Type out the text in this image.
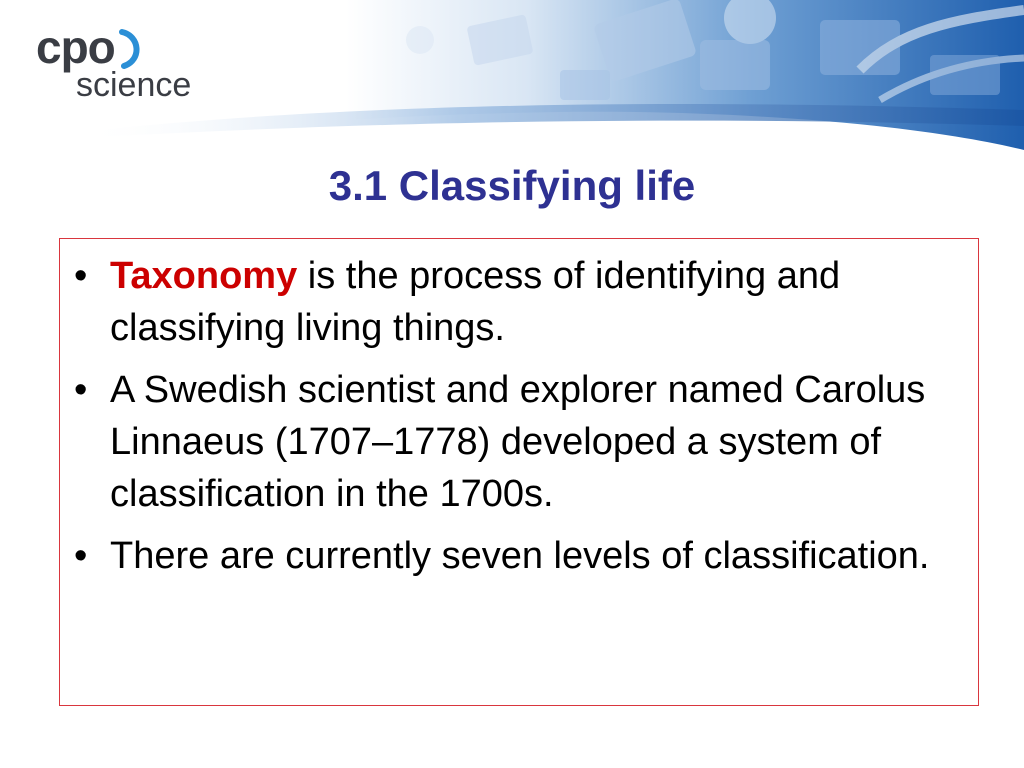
cpo
science
3.1 Classifying life
• Taxonomy is the process of identifying and classifying living things.
• A Swedish scientist and explorer named Carolus Linnaeus (1707–1778) developed a system of classification in the 1700s.
• There are currently seven levels of classification.
